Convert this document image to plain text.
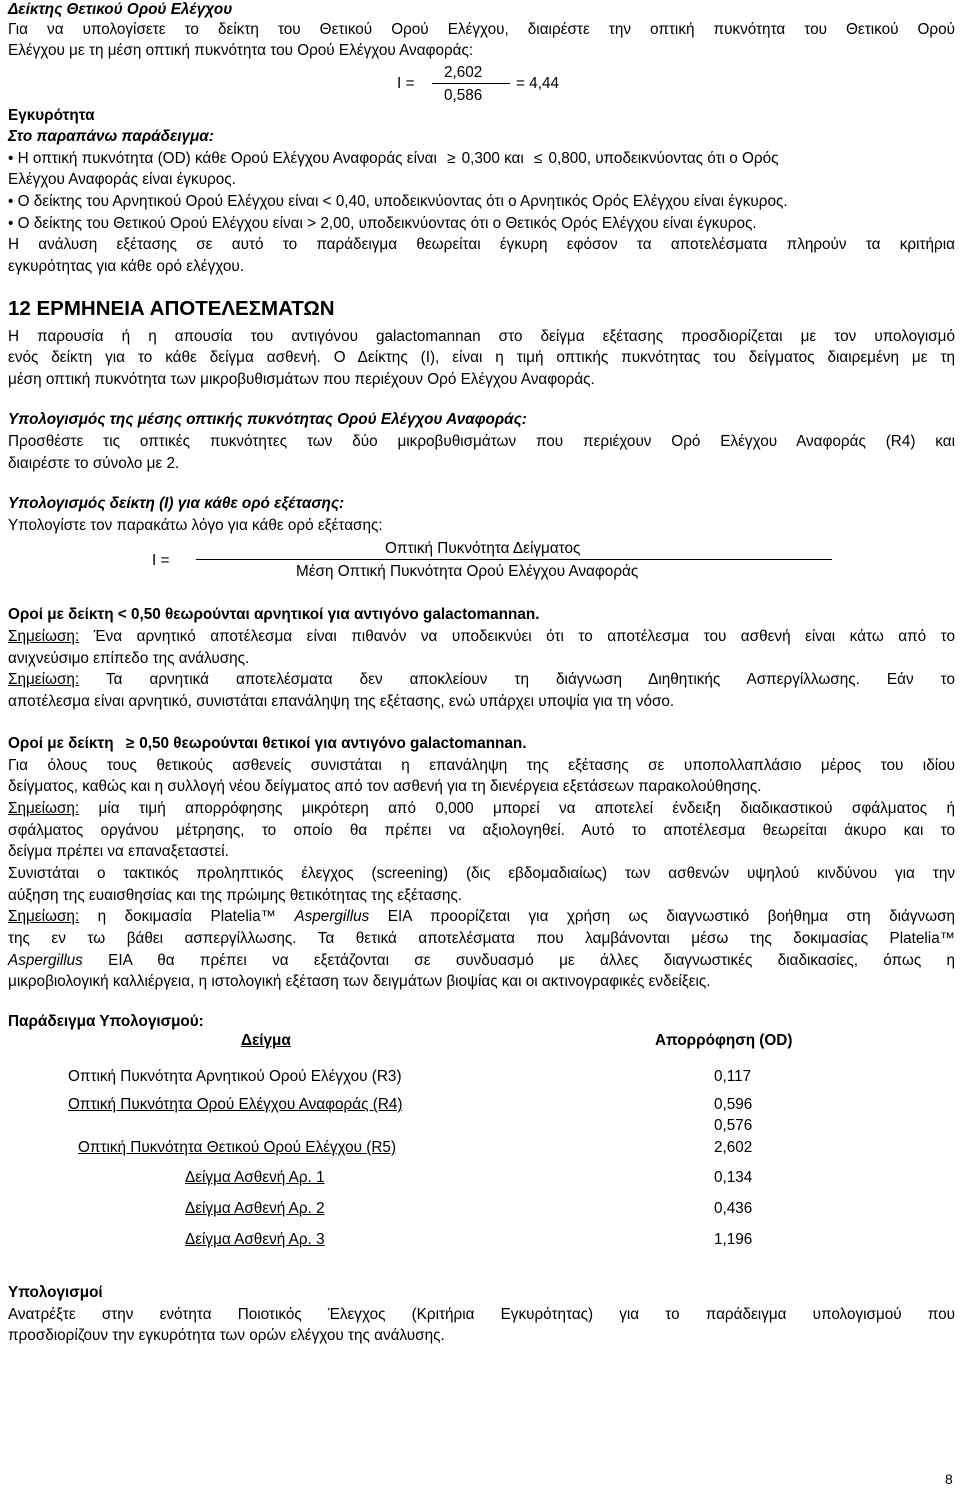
Δείκτης Θετικού Ορού Ελέγχου
Για να υπολογίσετε το δείκτη του Θετικού Ορού Ελέγχου, διαιρέστε την οπτική πυκνότητα του Θετικού Ορού
Ελέγχου με τη μέση οπτική πυκνότητα του Ορού Ελέγχου Αναφοράς:
I =
2,602
0,586
= 4,44
Εγκυρότητα
Στο παραπάνω παράδειγμα:
• Η οπτική πυκνότητα (OD) κάθε Ορού Ελέγχου Αναφοράς είναι ≥ 0,300 και ≤ 0,800, υποδεικνύοντας ότι ο Ορός
Ελέγχου Αναφοράς είναι έγκυρος.
• Ο δείκτης του Αρνητικού Ορού Ελέγχου είναι < 0,40, υποδεικνύοντας ότι ο Αρνητικός Ορός Ελέγχου είναι έγκυρος.
• Ο δείκτης του Θετικού Ορού Ελέγχου είναι > 2,00, υποδεικνύοντας ότι ο Θετικός Ορός Ελέγχου είναι έγκυρος.
Η ανάλυση εξέτασης σε αυτό το παράδειγμα θεωρείται έγκυρη εφόσον τα αποτελέσματα πληρούν τα κριτήρια
εγκυρότητας για κάθε ορό ελέγχου.
12 ΕΡΜΗΝΕΙΑ ΑΠΟΤΕΛΕΣΜΑΤΩΝ
Η παρουσία ή η απουσία του αντιγόνου galactomannan στο δείγμα εξέτασης προσδιορίζεται με τον υπολογισμό
ενός δείκτη για το κάθε δείγμα ασθενή. Ο Δείκτης (I), είναι η τιμή οπτικής πυκνότητας του δείγματος διαιρεμένη με τη
μέση οπτική πυκνότητα των μικροβυθισμάτων που περιέχουν Ορό Ελέγχου Αναφοράς.
Υπολογισμός της μέσης οπτικής πυκνότητας Ορού Ελέγχου Αναφοράς:
Προσθέστε τις οπτικές πυκνότητες των δύο μικροβυθισμάτων που περιέχουν Ορό Ελέγχου Αναφοράς (R4) και
διαιρέστε το σύνολο με 2.
Υπολογισμός δείκτη (I) για κάθε ορό εξέτασης:
Υπολογίστε τον παρακάτω λόγο για κάθε ορό εξέτασης:
I =
Οπτική Πυκνότητα Δείγματος
Μέση Οπτική Πυκνότητα Ορού Ελέγχου Αναφοράς
Οροί με δείκτη < 0,50 θεωρούνται αρνητικοί για αντιγόνο galactomannan.
Σημείωση: Ένα αρνητικό αποτέλεσμα είναι πιθανόν να υποδεικνύει ότι το αποτέλεσμα του ασθενή είναι κάτω από το
ανιχνεύσιμο επίπεδο της ανάλυσης.
Σημείωση: Τα αρνητικά αποτελέσματα δεν αποκλείουν τη διάγνωση Διηθητικής Ασπεργίλλωσης. Εάν το
αποτέλεσμα είναι αρνητικό, συνιστάται επανάληψη της εξέτασης, ενώ υπάρχει υποψία για τη νόσο.
Οροί με δείκτη ≥ 0,50 θεωρούνται θετικοί για αντιγόνο galactomannan.
Για όλους τους θετικούς ασθενείς συνιστάται η επανάληψη της εξέτασης σε υποπολλαπλάσιο μέρος του ιδίου
δείγματος, καθώς και η συλλογή νέου δείγματος από τον ασθενή για τη διενέργεια εξετάσεων παρακολούθησης.
Σημείωση: μία τιμή απορρόφησης μικρότερη από 0,000 μπορεί να αποτελεί ένδειξη διαδικαστικού σφάλματος ή
σφάλματος οργάνου μέτρησης, το οποίο θα πρέπει να αξιολογηθεί. Αυτό το αποτέλεσμα θεωρείται άκυρο και το
δείγμα πρέπει να επαναξεταστεί.
Συνιστάται ο τακτικός προληπτικός έλεγχος (screening) (δις εβδομαδιαίως) των ασθενών υψηλού κινδύνου για την
αύξηση της ευαισθησίας και της πρώιμης θετικότητας της εξέτασης.
Σημείωση: η δοκιμασία Platelia™ Aspergillus EIA προορίζεται για χρήση ως διαγνωστικό βοήθημα στη διάγνωση
της εν τω βάθει ασπεργίλλωσης. Τα θετικά αποτελέσματα που λαμβάνονται μέσω της δοκιμασίας Platelia™
Aspergillus EIA θα πρέπει να εξετάζονται σε συνδυασμό με άλλες διαγνωστικές διαδικασίες, όπως η
μικροβιολογική καλλιέργεια, η ιστολογική εξέταση των δειγμάτων βιοψίας και οι ακτινογραφικές ενδείξεις.
Παράδειγμα Υπολογισμού:
Δείγμα	Απορρόφηση (OD)
Οπτική Πυκνότητα Αρνητικού Ορού Ελέγχου (R3)	0,117
Οπτική Πυκνότητα Ορού Ελέγχου Αναφοράς (R4)	0,596
0,576
Οπτική Πυκνότητα Θετικού Ορού Ελέγχου (R5)	2,602
Δείγμα Ασθενή Αρ. 1	0,134
Δείγμα Ασθενή Αρ. 2	0,436
Δείγμα Ασθενή Αρ. 3	1,196
Υπολογισμοί
Ανατρέξτε στην ενότητα Ποιοτικός Έλεγχος (Κριτήρια Εγκυρότητας) για το παράδειγμα υπολογισμού που
προσδιορίζουν την εγκυρότητα των ορών ελέγχου της ανάλυσης.
8
